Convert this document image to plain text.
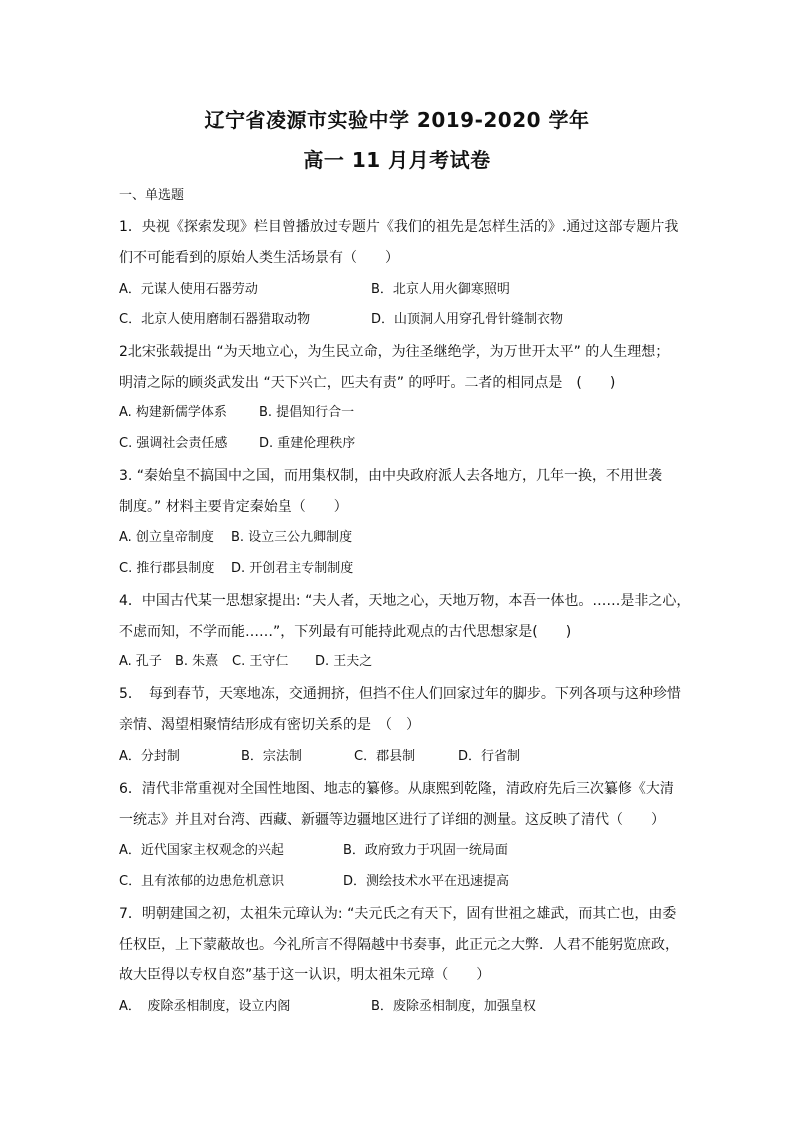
辽宁省凌源市实验中学 2019-2020 学年
高一 11 月月考试卷
一、单选题
1．央视《探索发现》栏目曾播放过专题片《我们的祖先是怎样生活的》.通过这部专题片我
们不可能看到的原始人类生活场景有（　　）
A．元谋人使用石器劳动	B．北京人用火御寒照明
C．北京人使用磨制石器猎取动物	D．山顶洞人用穿孔骨针缝制衣物
2北宋张载提出 “为天地立心，为生民立命，为往圣继绝学，为万世开太平” 的人生理想；
明清之际的顾炎武发出 “天下兴亡，匹夫有责” 的呼吁。二者的相同点是　(　　)
A. 构建新儒学体系 B. 提倡知行合一
C. 强调社会责任感 D. 重建伦理秩序
3. “秦始皇不搞国中之国，而用集权制，由中央政府派人去各地方，几年一换，不用世袭
制度。” 材料主要肯定秦始皇（　　）
A. 创立皇帝制度 B. 设立三公九卿制度
C. 推行郡县制度 D. 开创君主专制制度
4．中国古代某一思想家提出: “夫人者，天地之心，天地万物，本吾一体也。……是非之心，
不虑而知，不学而能……”，下列最有可能持此观点的古代思想家是(　　)
A. 孔子 B. 朱熹 C. 王守仁 D. 王夫之
5．　每到春节，天寒地冻，交通拥挤，但挡不住人们回家过年的脚步。下列各项与这种珍惜
亲情、渴望相聚情结形成有密切关系的是　（　）
A．分封制	B．宗法制	C．郡县制	D．行省制
6．清代非常重视对全国性地图、地志的纂修。从康熙到乾隆，清政府先后三次纂修《大清
一统志》并且对台湾、西藏、新疆等边疆地区进行了详细的测量。这反映了清代（　　）
A．近代国家主权观念的兴起	B．政府致力于巩固一统局面
C．且有浓郁的边患危机意识	D．测绘技术水平在迅速提高
7．明朝建国之初，太祖朱元璋认为: “夫元氏之有天下，固有世祖之雄武，而其亡也，由委
任权臣，上下蒙蔽故也。今礼所言不得隔越中书奏事，此正元之大弊．人君不能躬览庶政，
故大臣得以专权自恣”基于这一认识，明太祖朱元璋（　　）
A．　废除丞相制度，设立内阁	B．废除丞相制度，加强皇权
